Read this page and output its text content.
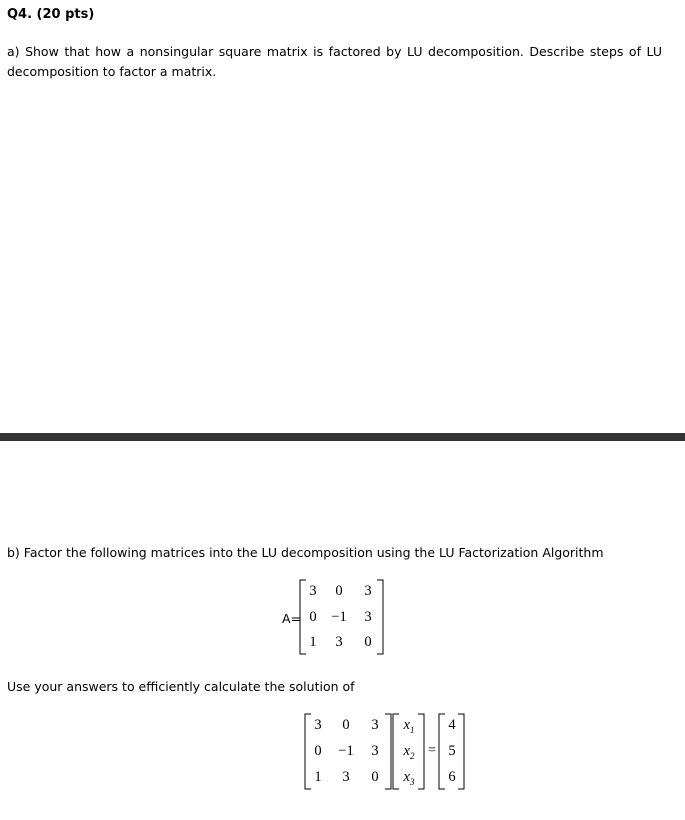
Q4. (20 pts)
a) Show that how a nonsingular square matrix is factored by LU decomposition. Describe steps of LU decomposition to factor a matrix.
b) Factor the following matrices into the LU decomposition using the LU Factorization Algorithm
A=
3	0	3
0	−1	3
1	3	0
Use your answers to efficiently calculate the solution of
3	0	3
0	−1	3
1	3	0
$x_1$
$x_2$
$x_3$
=
4
5
6
